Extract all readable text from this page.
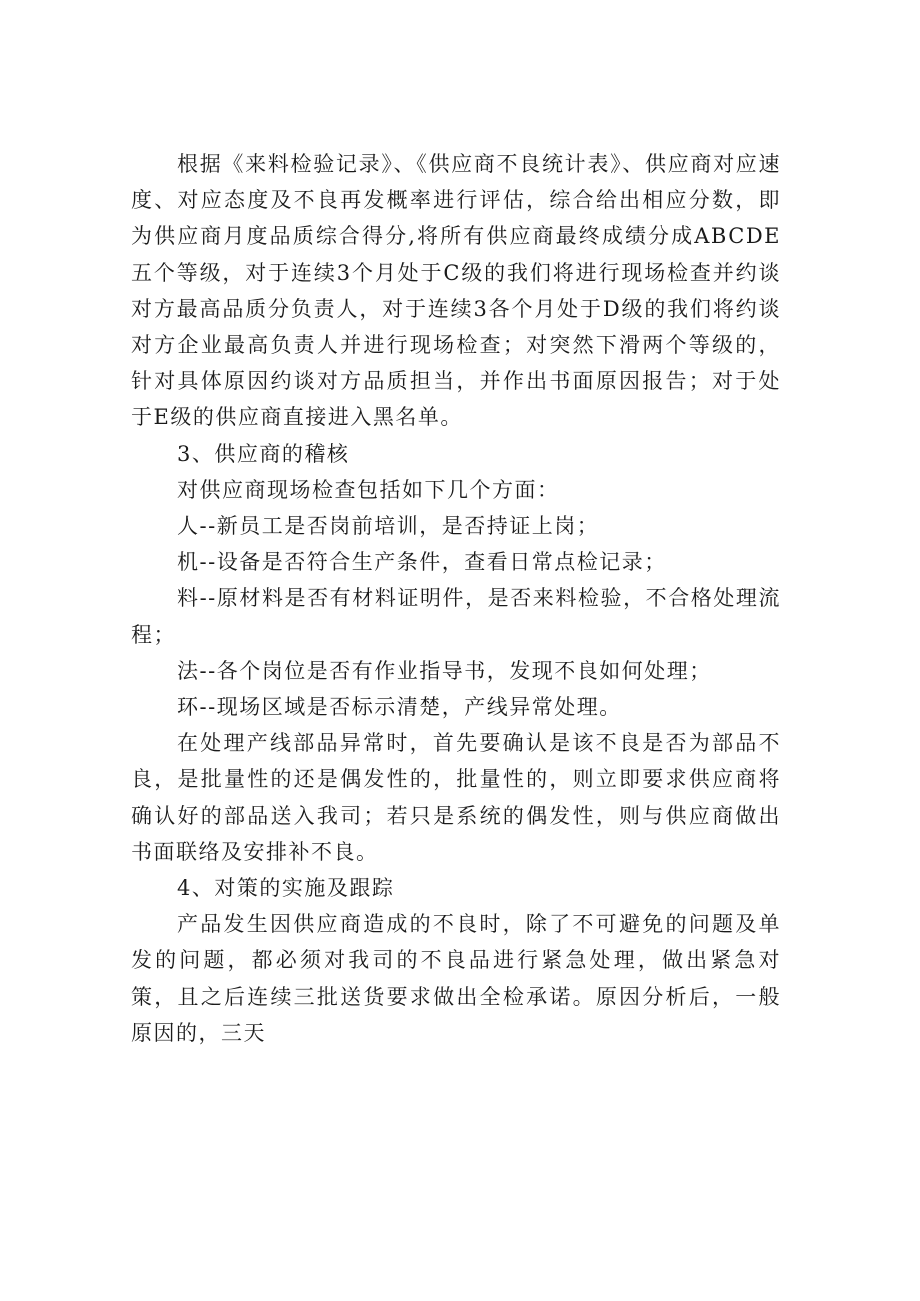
根据《来料检验记录》、《供应商不良统计表》、供应商对应速度、对应态度及不良再发概率进行评估，综合给出相应分数，即为供应商月度品质综合得分,将所有供应商最终成绩分成ABCDE五个等级，对于连续3个月处于C级的我们将进行现场检查并约谈对方最高品质分负责人，对于连续3各个月处于D级的我们将约谈对方企业最高负责人并进行现场检查；对突然下滑两个等级的，针对具体原因约谈对方品质担当，并作出书面原因报告；对于处于E级的供应商直接进入黑名单。

3、供应商的稽核

对供应商现场检查包括如下几个方面：

人--新员工是否岗前培训，是否持证上岗；

机--设备是否符合生产条件，查看日常点检记录；

料--原材料是否有材料证明件，是否来料检验，不合格处理流程；

法--各个岗位是否有作业指导书，发现不良如何处理；

环--现场区域是否标示清楚，产线异常处理。

在处理产线部品异常时，首先要确认是该不良是否为部品不良，是批量性的还是偶发性的，批量性的，则立即要求供应商将确认好的部品送入我司；若只是系统的偶发性，则与供应商做出书面联络及安排补不良。

4、对策的实施及跟踪

产品发生因供应商造成的不良时，除了不可避免的问题及单发的问题，都必须对我司的不良品进行紧急处理，做出紧急对策，且之后连续三批送货要求做出全检承诺。原因分析后，一般原因的，三天
